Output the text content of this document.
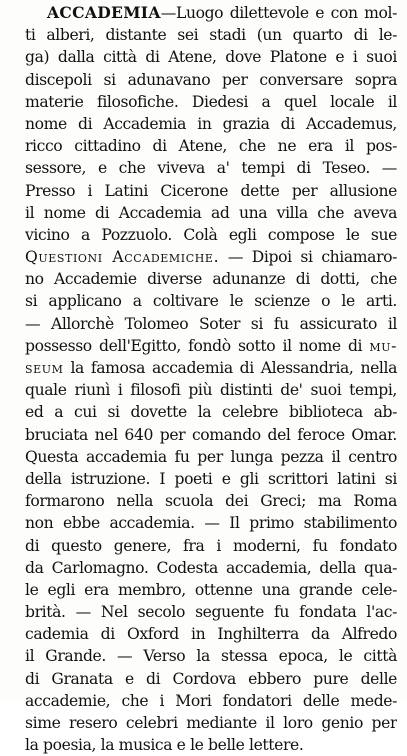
ACCADEMIA—Luogo dilettevole e con mol-
ti alberi, distante sei stadi (un quarto di le-
ga) dalla città di Atene, dove Platone e i suoi
discepoli si adunavano per conversare sopra
materie filosofiche. Diedesi a quel locale il
nome di Accademia in grazia di Accademus,
ricco cittadino di Atene, che ne era il pos-
sessore, e che viveva a' tempi di Teseo. —
Presso i Latini Cicerone dette per allusione
il nome di Accademia ad una villa che aveva
vicino a Pozzuolo. Colà egli compose le sue
Questioni Accademiche. — Dipoi si chiamaro-
no Accademie diverse adunanze di dotti, che
si applicano a coltivare le scienze o le arti.
— Allorchè Tolomeo Soter si fu assicurato il
possesso dell'Egitto, fondò sotto il nome di mu-
seum la famosa accademia di Alessandria, nella
quale riunì i filosofi più distinti de' suoi tempi,
ed a cui si dovette la celebre biblioteca ab-
bruciata nel 640 per comando del feroce Omar.
Questa accademia fu per lunga pezza il centro
della istruzione. I poeti e gli scrittori latini si
formarono nella scuola dei Greci; ma Roma
non ebbe accademia. — Il primo stabilimento
di questo genere, fra i moderni, fu fondato
da Carlomagno. Codesta accademia, della qua-
le egli era membro, ottenne una grande cele-
brità. — Nel secolo seguente fu fondata l'ac-
cademia di Oxford in Inghilterra da Alfredo
il Grande. — Verso la stessa epoca, le città
di Granata e di Cordova ebbero pure delle
accademie, che i Mori fondatori delle mede-
sime resero celebri mediante il loro genio per
la poesia, la musica e le belle lettere.
